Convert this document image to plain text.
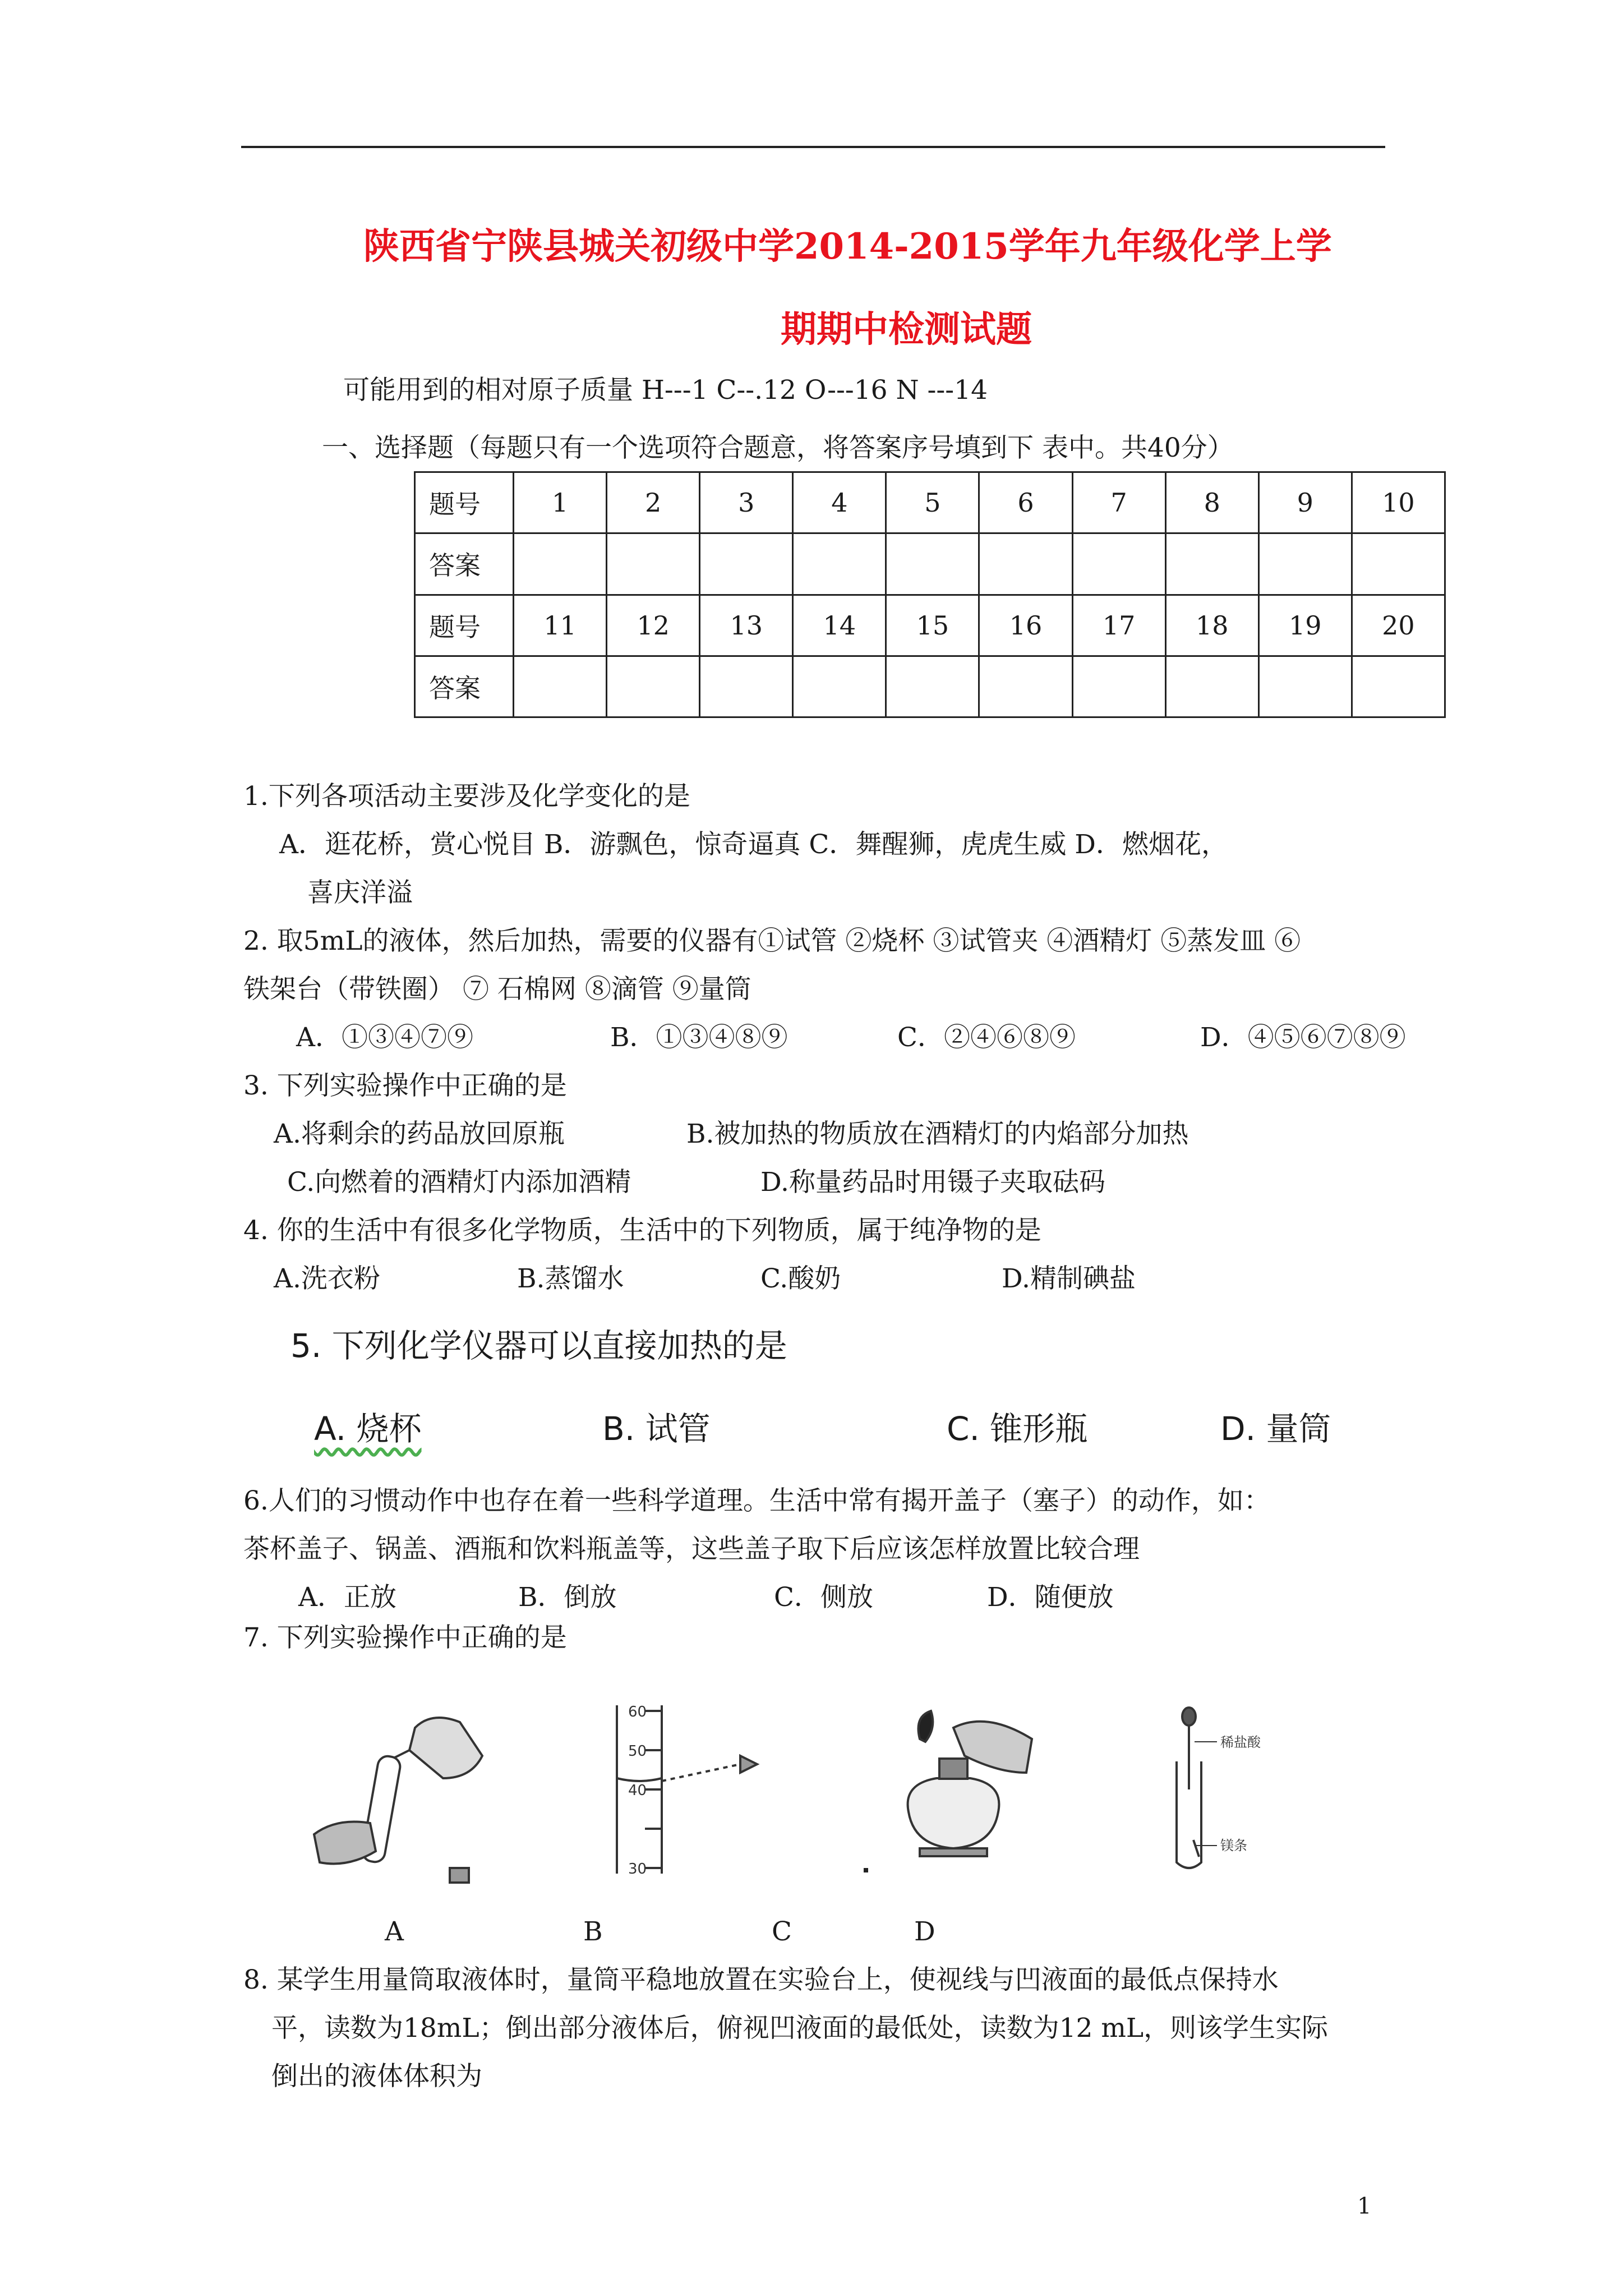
陕西省宁陕县城关初级中学2014-2015学年九年级化学上学
期期中检测试题
可能用到的相对原子质量 H---1 C--.12 O---16 N ---14
一、选择题（每题只有一个选项符合题意，将答案序号填到下 表中。共40分）
题号	1	2	3	4	5	6	7	8	9	10
答案										
题号	11	12	13	14	15	16	17	18	19	20
答案										
1.下列各项活动主要涉及化学变化的是
A．逛花桥，赏心悦目 B．游飘色，惊奇逼真 C．舞醒狮，虎虎生威 D．燃烟花，
喜庆洋溢
2. 取5mL的液体，然后加热，需要的仪器有①试管 ②烧杯 ③试管夹 ④酒精灯 ⑤蒸发皿 ⑥
铁架台（带铁圈） ⑦ 石棉网 ⑧滴管 ⑨量筒
A．①③④⑦⑨	B．①③④⑧⑨	C．②④⑥⑧⑨	D．④⑤⑥⑦⑧⑨
3. 下列实验操作中正确的是
A.将剩余的药品放回原瓶	B.被加热的物质放在酒精灯的内焰部分加热
C.向燃着的酒精灯内添加酒精	D.称量药品时用镊子夹取砝码
4. 你的生活中有很多化学物质，生活中的下列物质，属于纯净物的是
A.洗衣粉	B.蒸馏水	C.酸奶	D.精制碘盐
5. 下列化学仪器可以直接加热的是
A. 烧杯	B. 试管	C. 锥形瓶	D. 量筒
6.人们的习惯动作中也存在着一些科学道理。生活中常有揭开盖子（塞子）的动作，如：
茶杯盖子、锅盖、酒瓶和饮料瓶盖等，这些盖子取下后应该怎样放置比较合理
A．正放	B．倒放	C．侧放	D．随便放
7. 下列实验操作中正确的是
60
50
40
30
稀盐酸
镁条
A	B	C	D
8. 某学生用量筒取液体时，量筒平稳地放置在实验台上，使视线与凹液面的最低点保持水
平，读数为18mL；倒出部分液体后，俯视凹液面的最低处，读数为12 mL，则该学生实际
倒出的液体体积为
1
